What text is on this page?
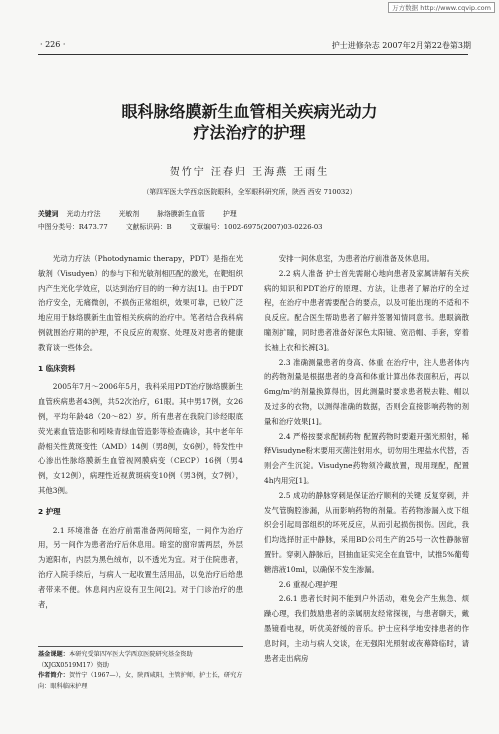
万方数据 http://www.cqvip.com
· 226 ·	护士进修杂志 2007年2月第22卷第3期
眼科脉络膜新生血管相关疾病光动力
疗法治疗的护理
贺竹宁 汪春归 王海燕 王雨生
（第四军医大学西京医院眼科，全军眼科研究所，陕西 西安 710032）
关键词 光动力疗法	光敏剂	脉络膜新生血管	护理
中图分类号：R473.77	文献标识码：B	文章编号：1002-6975(2007)03-0226-03

光动力疗法（Photodynamic therapy，PDT）是指在光敏剂（Visudyen）的参与下和光敏剂相匹配的激光，在靶组织内产生光化学效应，以达到治疗目的的一种方法[1]。由于PDT治疗安全，无痛微创，不损伤正常组织，效果可靠，已较广泛地应用于脉络膜新生血管相关疾病的治疗中。笔者结合我科病例就围治疗期的护理，不良反应的观察、处理及对患者的健康教育谈一些体会。

1 临床资料

2005年7月～2006年5月，我科采用PDT治疗脉络膜新生血管疾病患者43例，共52次治疗，61眼。其中男17例，女26例，平均年龄48（20～82）岁。所有患者在我院门诊经眼底荧光素血管造影和吲哚青绿血管造影等检查确诊，其中老年年龄相关性黄斑变性（AMD）14例（男8例，女6例），特发性中心渗出性脉络膜新生血管视网膜病变（CECP）16例（男4例，女12例），病理性近视黄斑病变10例（男3例，女7例），其他3例。

2 护理

2.1 环境准备 在治疗前需准备两间暗室，一间作为治疗用，另一间作为患者治疗后休息用。暗室的窗帘需两层，外层为遮阳布，内层为黑色绒布，以不透光为宜。对于住院患者，治疗入院手续后，与病人一起收置生活用品，以免治疗后给患者带来不便。休息间内应设有卫生间[2]。对于门诊治疗的患者，

安排一间休息室，为患者治疗前准备及休息用。

2.2 病人准备 护士首先需耐心地向患者及家属讲解有关疾病的知识和PDT治疗的原理、方法，让患者了解治疗的全过程，在治疗中患者需要配合的要点，以及可能出现的不适和不良反应。配合医生帮助患者了解并签署知情同意书。患眼滴散瞳剂扩瞳，同时患者准备好深色太阳镜、宽沿帽、手套，穿着长袖上衣和长裤[3]。

2.3 准确测量患者的身高、体重 在治疗中，注人患者体内的药物剂量是根据患者的身高和体重计算出体表面积后，再以6mg/m²的剂量换算得出，因此测量时要求患者脱去鞋、帽以及过多的衣物，以测得准确的数据，否则会直接影响药物的剂量和治疗效果[1]。

2.4 严格按要求配制药物 配置药物时要避开强光照射，稀释Visudyne粉末要用灭菌注射用水，切勿用生理盐水代替，否则会产生沉淀。Visudyne药物须冷藏放置，现用现配，配置4h内用完[1]。

2.5 成功的静脉穿刺是保证治疗顺利的关键 反复穿刺，并发气管胸腔渗漏，从而影响药物的剂量。若药物渗漏入皮下组织会引起局部组织的坏死反应，从而引起损伤损伤。因此，我们均选择肘正中静脉，采用BD公司生产的25号一次性静脉留置针。穿刺入静脉后，回抽血证实完全在血管中，试推5%葡萄糖溶液10ml，以确保不发生渗漏。

2.6 重视心理护理

2.6.1 患者长时间不能到户外活动，难免会产生焦急、烦躁心理，我们鼓励患者的亲属朋友经常探视，与患者聊天，戴墨镜看电视，听优美舒缓的音乐。护士应科学地安排患者的作息时间，主动与病人交谈，在无强阳光照射或夜幕降临时，请患者走出病房

基金课题：本研究受第四军医大学西京医院研究基金资助（XJGX0519M17）资助

作者简介：贺竹宁（1967—），女，陕西咸阳，主管护师，护士长，研究方向：眼科临床护理
